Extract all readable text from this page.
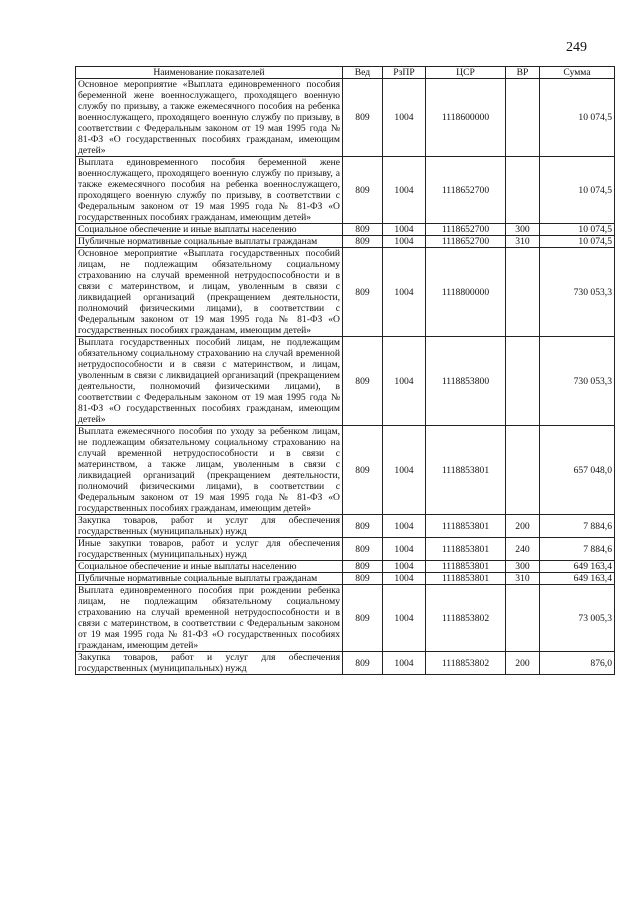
249
Наименование показателей	Вед	РзПР	ЦСР	ВР	Сумма
Основное мероприятие «Выплата единовременного пособия беременной жене военнослужащего, проходящего военную службу по призыву, а также ежемесячного пособия на ребенка военнослужащего, проходящего военную службу по призыву, в соответствии с Федеральным законом от 19 мая 1995 года № 81-ФЗ «О государственных пособиях гражданам, имеющим детей»	809	1004	1118600000		10 074,5
Выплата единовременного пособия беременной жене военнослужащего, проходящего военную службу по призыву, а также ежемесячного пособия на ребенка военнослужащего, проходящего военную службу по призыву, в соответствии с Федеральным законом от 19 мая 1995 года № 81-ФЗ «О государственных пособиях гражданам, имеющим детей»	809	1004	1118652700		10 074,5
Социальное обеспечение и иные выплаты населению	809	1004	1118652700	300	10 074,5
Публичные нормативные социальные выплаты гражданам	809	1004	1118652700	310	10 074,5
Основное мероприятие «Выплата государственных пособий лицам, не подлежащим обязательному социальному страхованию на случай временной нетрудоспособности и в связи с материнством, и лицам, уволенным в связи с ликвидацией организаций (прекращением деятельности, полномочий физическими лицами), в соответствии с Федеральным законом от 19 мая 1995 года № 81-ФЗ «О государственных пособиях гражданам, имеющим детей»	809	1004	1118800000		730 053,3
Выплата государственных пособий лицам, не подлежащим обязательному социальному страхованию на случай временной нетрудоспособности и в связи с материнством, и лицам, уволенным в связи с ликвидацией организаций (прекращением деятельности, полномочий физическими лицами), в соответствии с Федеральным законом от 19 мая 1995 года № 81-ФЗ «О государственных пособиях гражданам, имеющим детей»	809	1004	1118853800		730 053,3
Выплата ежемесячного пособия по уходу за ребенком лицам, не подлежащим обязательному социальному страхованию на случай временной нетрудоспособности и в связи с материнством, а также лицам, уволенным в связи с ликвидацией организаций (прекращением деятельности, полномочий физическими лицами), в соответствии с Федеральным законом от 19 мая 1995 года № 81-ФЗ «О государственных пособиях гражданам, имеющим детей»	809	1004	1118853801		657 048,0
Закупка товаров, работ и услуг для обеспечения государственных (муниципальных) нужд	809	1004	1118853801	200	7 884,6
Иные закупки товаров, работ и услуг для обеспечения государственных (муниципальных) нужд	809	1004	1118853801	240	7 884,6
Социальное обеспечение и иные выплаты населению	809	1004	1118853801	300	649 163,4
Публичные нормативные социальные выплаты гражданам	809	1004	1118853801	310	649 163,4
Выплата единовременного пособия при рождении ребенка лицам, не подлежащим обязательному социальному страхованию на случай временной нетрудоспособности и в связи с материнством, в соответствии с Федеральным законом от 19 мая 1995 года № 81-ФЗ «О государственных пособиях гражданам, имеющим детей»	809	1004	1118853802		73 005,3
Закупка товаров, работ и услуг для обеспечения государственных (муниципальных) нужд	809	1004	1118853802	200	876,0
